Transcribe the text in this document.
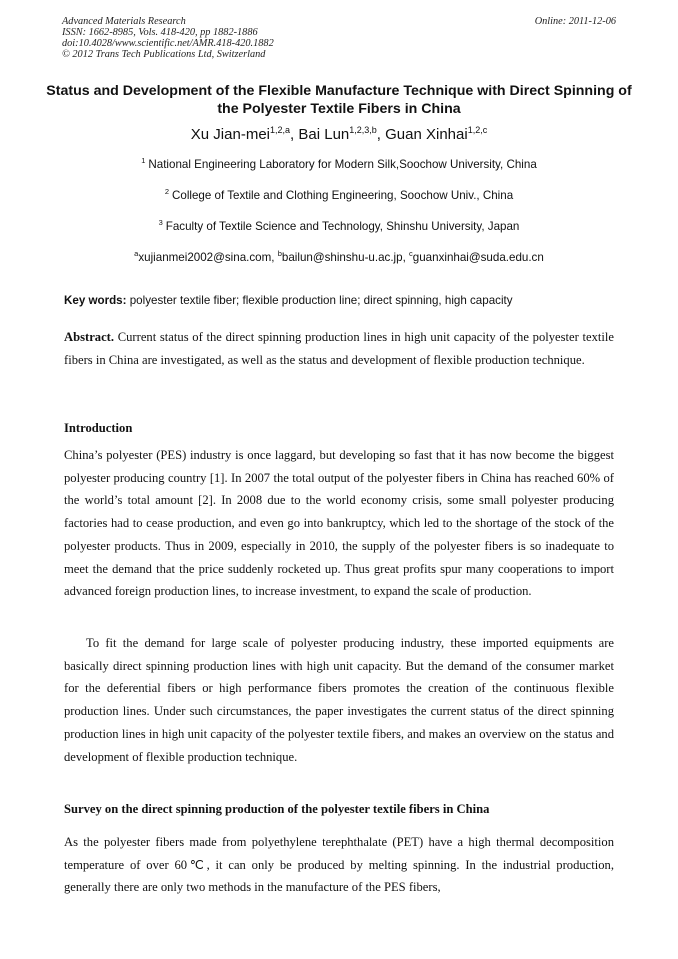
Advanced Materials Research
ISSN: 1662-8985, Vols. 418-420, pp 1882-1886
doi:10.4028/www.scientific.net/AMR.418-420.1882
© 2012 Trans Tech Publications Ltd, Switzerland
Online: 2011-12-06
Status and Development of the Flexible Manufacture Technique with Direct Spinning of the Polyester Textile Fibers in China
Xu Jian-mei$^{1,2,a}$, Bai Lun$^{1,2,3,b}$, Guan Xinhai$^{1,2,c}$
$^1$ National Engineering Laboratory for Modern Silk,Soochow University, China
$^2$ College of Textile and Clothing Engineering, Soochow Univ., China
$^3$ Faculty of Textile Science and Technology, Shinshu University, Japan
$^a$xujianmei2002@sina.com, $^b$bailun@shinshu-u.ac.jp, $^c$guanxinhai@suda.edu.cn
Key words: polyester textile fiber; flexible production line; direct spinning, high capacity
Abstract. Current status of the direct spinning production lines in high unit capacity of the polyester textile fibers in China are investigated, as well as the status and development of flexible production technique.
Introduction
China’s polyester (PES) industry is once laggard, but developing so fast that it has now become the biggest polyester producing country [1]. In 2007 the total output of the polyester fibers in China has reached 60% of the world’s total amount [2]. In 2008 due to the world economy crisis, some small polyester producing factories had to cease production, and even go into bankruptcy, which led to the shortage of the stock of the polyester products. Thus in 2009, especially in 2010, the supply of the polyester fibers is so inadequate to meet the demand that the price suddenly rocketed up. Thus great profits spur many cooperations to import advanced foreign production lines, to increase investment, to expand the scale of production.
To fit the demand for large scale of polyester producing industry, these imported equipments are basically direct spinning production lines with high unit capacity. But the demand of the consumer market for the deferential fibers or high performance fibers promotes the creation of the continuous flexible production lines. Under such circumstances, the paper investigates the current status of the direct spinning production lines in high unit capacity of the polyester textile fibers, and makes an overview on the status and development of flexible production technique.
Survey on the direct spinning production of the polyester textile fibers in China
As the polyester fibers made from polyethylene terephthalate (PET) have a high thermal decomposition temperature of over 60℃, it can only be produced by melting spinning. In the industrial production, generally there are only two methods in the manufacture of the PES fibers,
